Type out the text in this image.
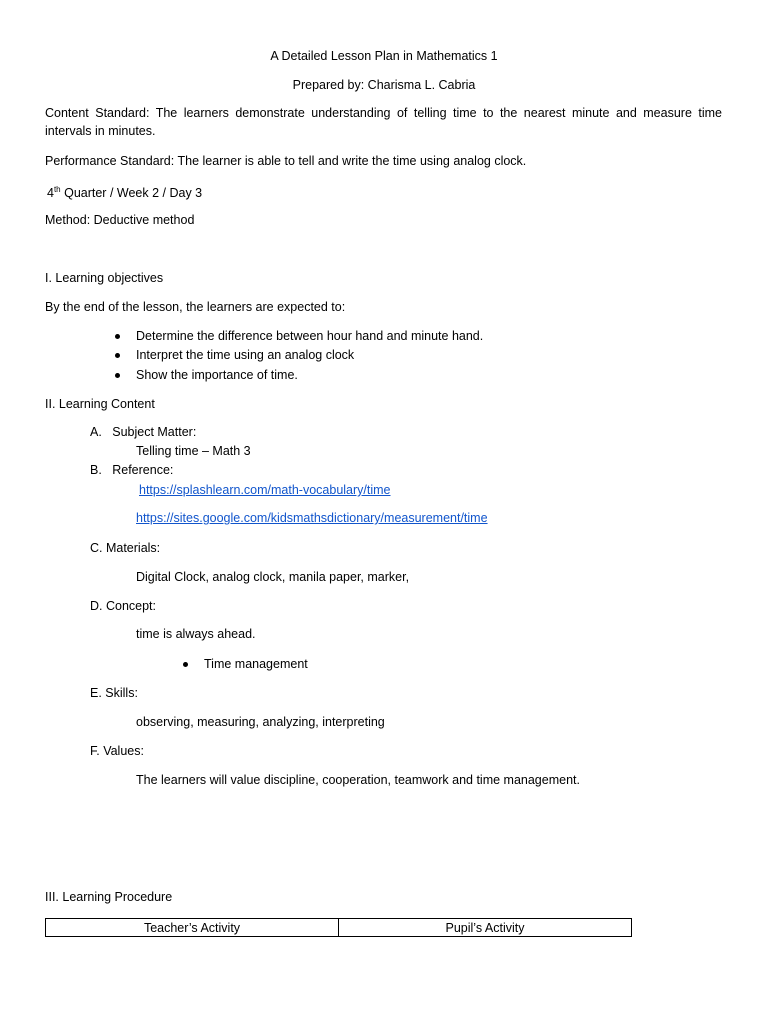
A Detailed Lesson Plan in Mathematics 1
Prepared by: Charisma L. Cabria
Content Standard: The learners demonstrate understanding of telling time to the nearest minute and measure time intervals in minutes.
Performance Standard: The learner is able to tell and write the time using analog clock.
4th Quarter / Week 2 / Day 3
Method: Deductive method
I. Learning objectives
By the end of the lesson, the learners are expected to:
Determine the difference between hour hand and minute hand.
Interpret the time using an analog clock
Show the importance of time.
II. Learning Content
A.   Subject Matter:
Telling time – Math 3
B.   Reference:
https://splashlearn.com/math-vocabulary/time
https://sites.google.com/kidsmathsdictionary/measurement/time
C. Materials:
Digital Clock, analog clock, manila paper, marker,
D. Concept:
time is always ahead.
Time management
E. Skills:
observing, measuring, analyzing, interpreting
F. Values:
The learners will value discipline, cooperation, teamwork and time management.
III. Learning Procedure
Teacher’s Activity	Pupil’s Activity
